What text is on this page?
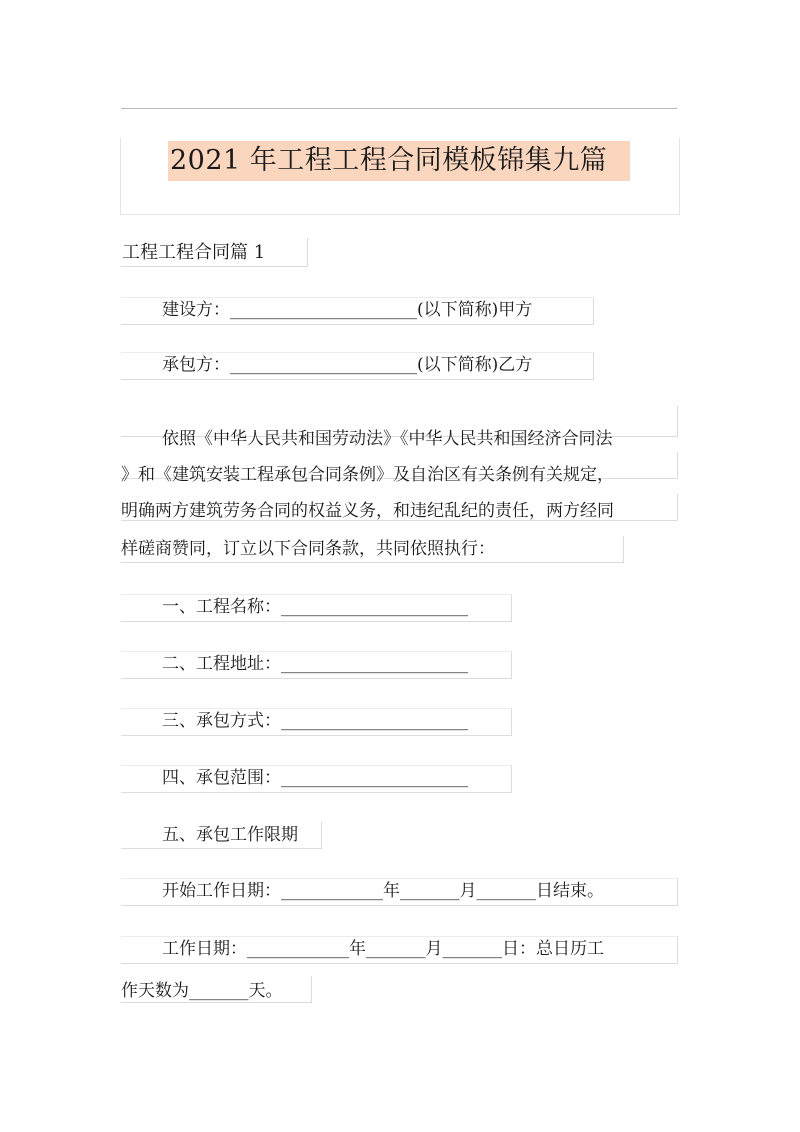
2021 年工程工程合同模板锦集九篇
工程工程合同篇 1
建设方：______________________(以下简称)甲方
承包方：______________________(以下简称)乙方
依照《中华人民共和国劳动法》《中华人民共和国经济合同法
》和《建筑安装工程承包合同条例》及自治区有关条例有关规定，
明确两方建筑劳务合同的权益义务，和违纪乱纪的责任，两方经同
样磋商赞同，订立以下合同条款，共同依照执行：
一、工程名称：______________________
二、工程地址：______________________
三、承包方式：______________________
四、承包范围：______________________
五、承包工作限期
开始工作日期：____________年_______月_______日结束。
工作日期：____________年_______月_______日：总日历工
作天数为_______天。
